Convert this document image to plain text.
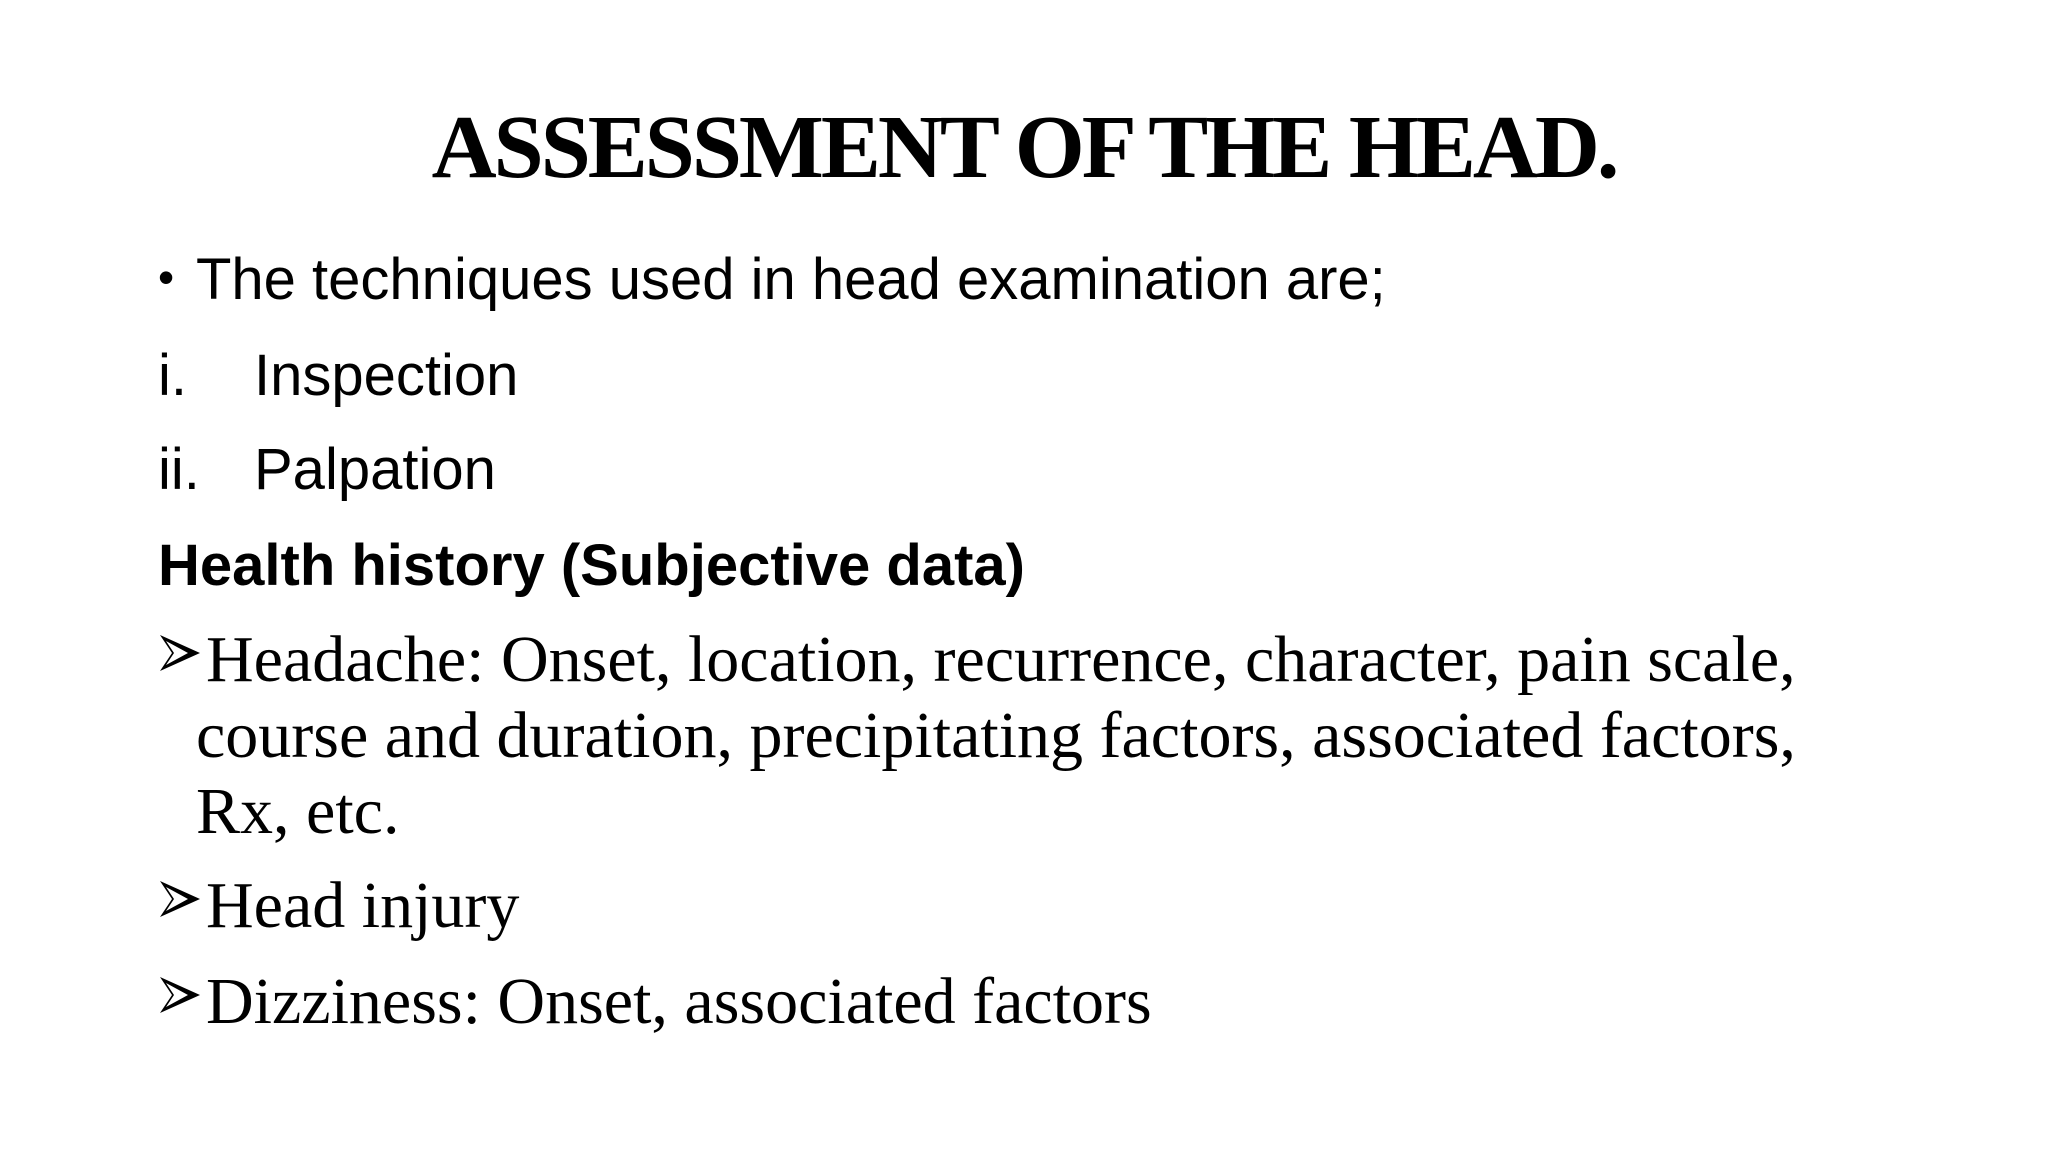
ASSESSMENT OF THE HEAD.
• The techniques used in head examination are;
i. Inspection
ii. Palpation
Health history (Subjective data)
Headache: Onset, location, recurrence, character, pain scale,
course and duration, precipitating factors, associated factors,
Rx, etc.
Head injury
Dizziness: Onset, associated factors
